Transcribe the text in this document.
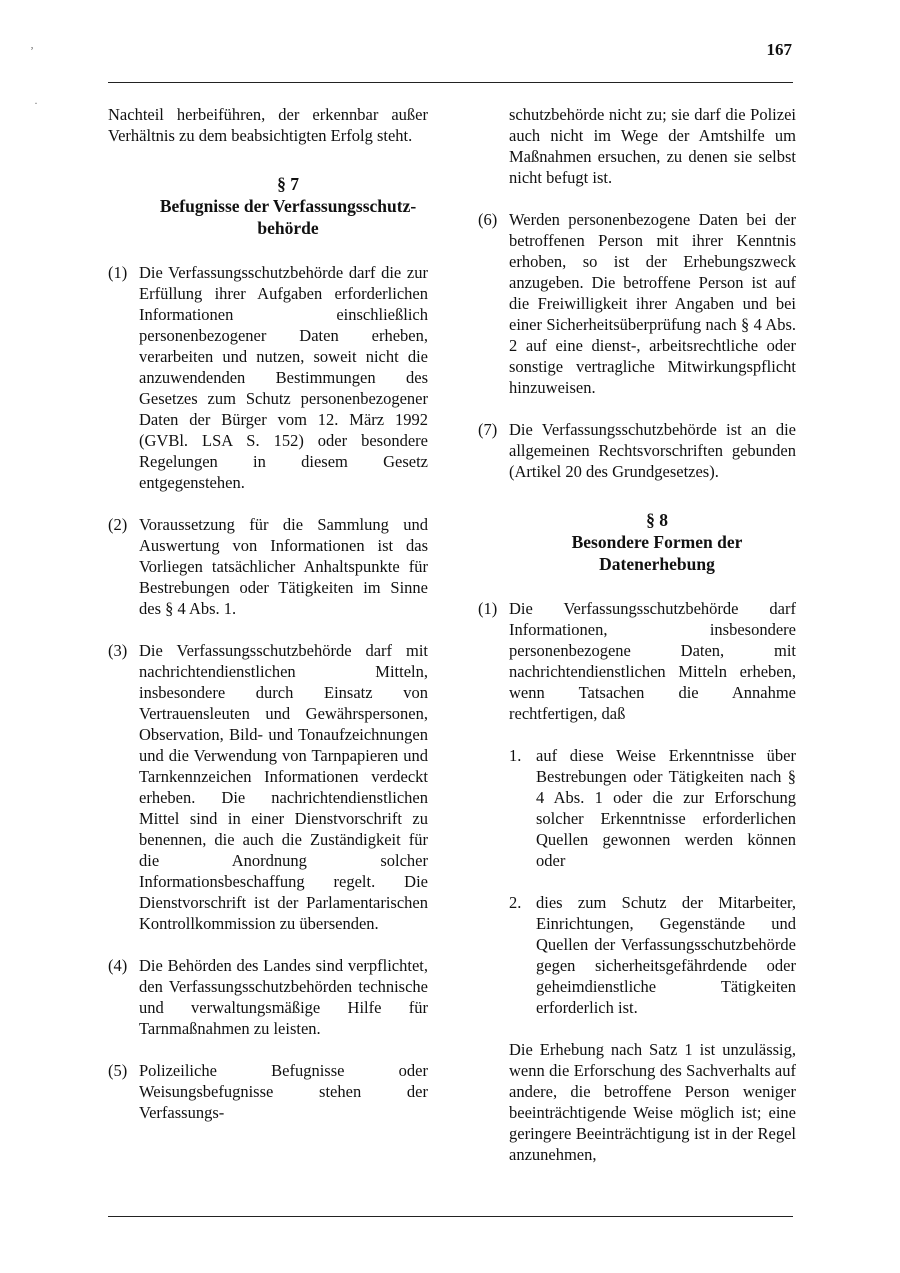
167
ʼ
·
Nachteil herbeiführen, der erkennbar außer Verhältnis zu dem beabsichtigten Erfolg steht.
§ 7
Befugnisse der Verfassungsschutz-behörde
(1) Die Verfassungsschutzbehörde darf die zur Erfüllung ihrer Aufgaben erforderlichen Informationen einschließlich personenbezogener Daten erheben, verarbeiten und nutzen, soweit nicht die anzuwendenden Bestimmungen des Gesetzes zum Schutz personenbezogener Daten der Bürger vom 12. März 1992 (GVBl. LSA S. 152) oder besondere Regelungen in diesem Gesetz entgegenstehen.
(2) Voraussetzung für die Sammlung und Auswertung von Informationen ist das Vorliegen tatsächlicher Anhaltspunkte für Bestrebungen oder Tätigkeiten im Sinne des § 4 Abs. 1.
(3) Die Verfassungsschutzbehörde darf mit nachrichtendienstlichen Mitteln, insbesondere durch Einsatz von Vertrauensleuten und Gewährspersonen, Observation, Bild- und Tonaufzeichnungen und die Verwendung von Tarnpapieren und Tarnkennzeichen Informationen verdeckt erheben. Die nachrichtendienstlichen Mittel sind in einer Dienstvorschrift zu benennen, die auch die Zuständigkeit für die Anordnung solcher Informationsbeschaffung regelt. Die Dienstvorschrift ist der Parlamentarischen Kontrollkommission zu übersenden.
(4) Die Behörden des Landes sind verpflichtet, den Verfassungsschutzbehörden technische und verwaltungsmäßige Hilfe für Tarnmaßnahmen zu leisten.
(5) Polizeiliche Befugnisse oder Weisungsbefugnisse stehen der Verfassungs-
schutzbehörde nicht zu; sie darf die Polizei auch nicht im Wege der Amtshilfe um Maßnahmen ersuchen, zu denen sie selbst nicht befugt ist.
(6) Werden personenbezogene Daten bei der betroffenen Person mit ihrer Kenntnis erhoben, so ist der Erhebungszweck anzugeben. Die betroffene Person ist auf die Freiwilligkeit ihrer Angaben und bei einer Sicherheitsüberprüfung nach § 4 Abs. 2 auf eine dienst-, arbeitsrechtliche oder sonstige vertragliche Mitwirkungspflicht hinzuweisen.
(7) Die Verfassungsschutzbehörde ist an die allgemeinen Rechtsvorschriften gebunden (Artikel 20 des Grundgesetzes).
§ 8
Besondere Formen der Datenerhebung
(1) Die Verfassungsschutzbehörde darf Informationen, insbesondere personenbezogene Daten, mit nachrichtendienstlichen Mitteln erheben, wenn Tatsachen die Annahme rechtfertigen, daß
1. auf diese Weise Erkenntnisse über Bestrebungen oder Tätigkeiten nach § 4 Abs. 1 oder die zur Erforschung solcher Erkenntnisse erforderlichen Quellen gewonnen werden können oder
2. dies zum Schutz der Mitarbeiter, Einrichtungen, Gegenstände und Quellen der Verfassungsschutzbehörde gegen sicherheitsgefährdende oder geheimdienstliche Tätigkeiten erforderlich ist.
Die Erhebung nach Satz 1 ist unzulässig, wenn die Erforschung des Sachverhalts auf andere, die betroffene Person weniger beeinträchtigende Weise möglich ist; eine geringere Beeinträchtigung ist in der Regel anzunehmen,
